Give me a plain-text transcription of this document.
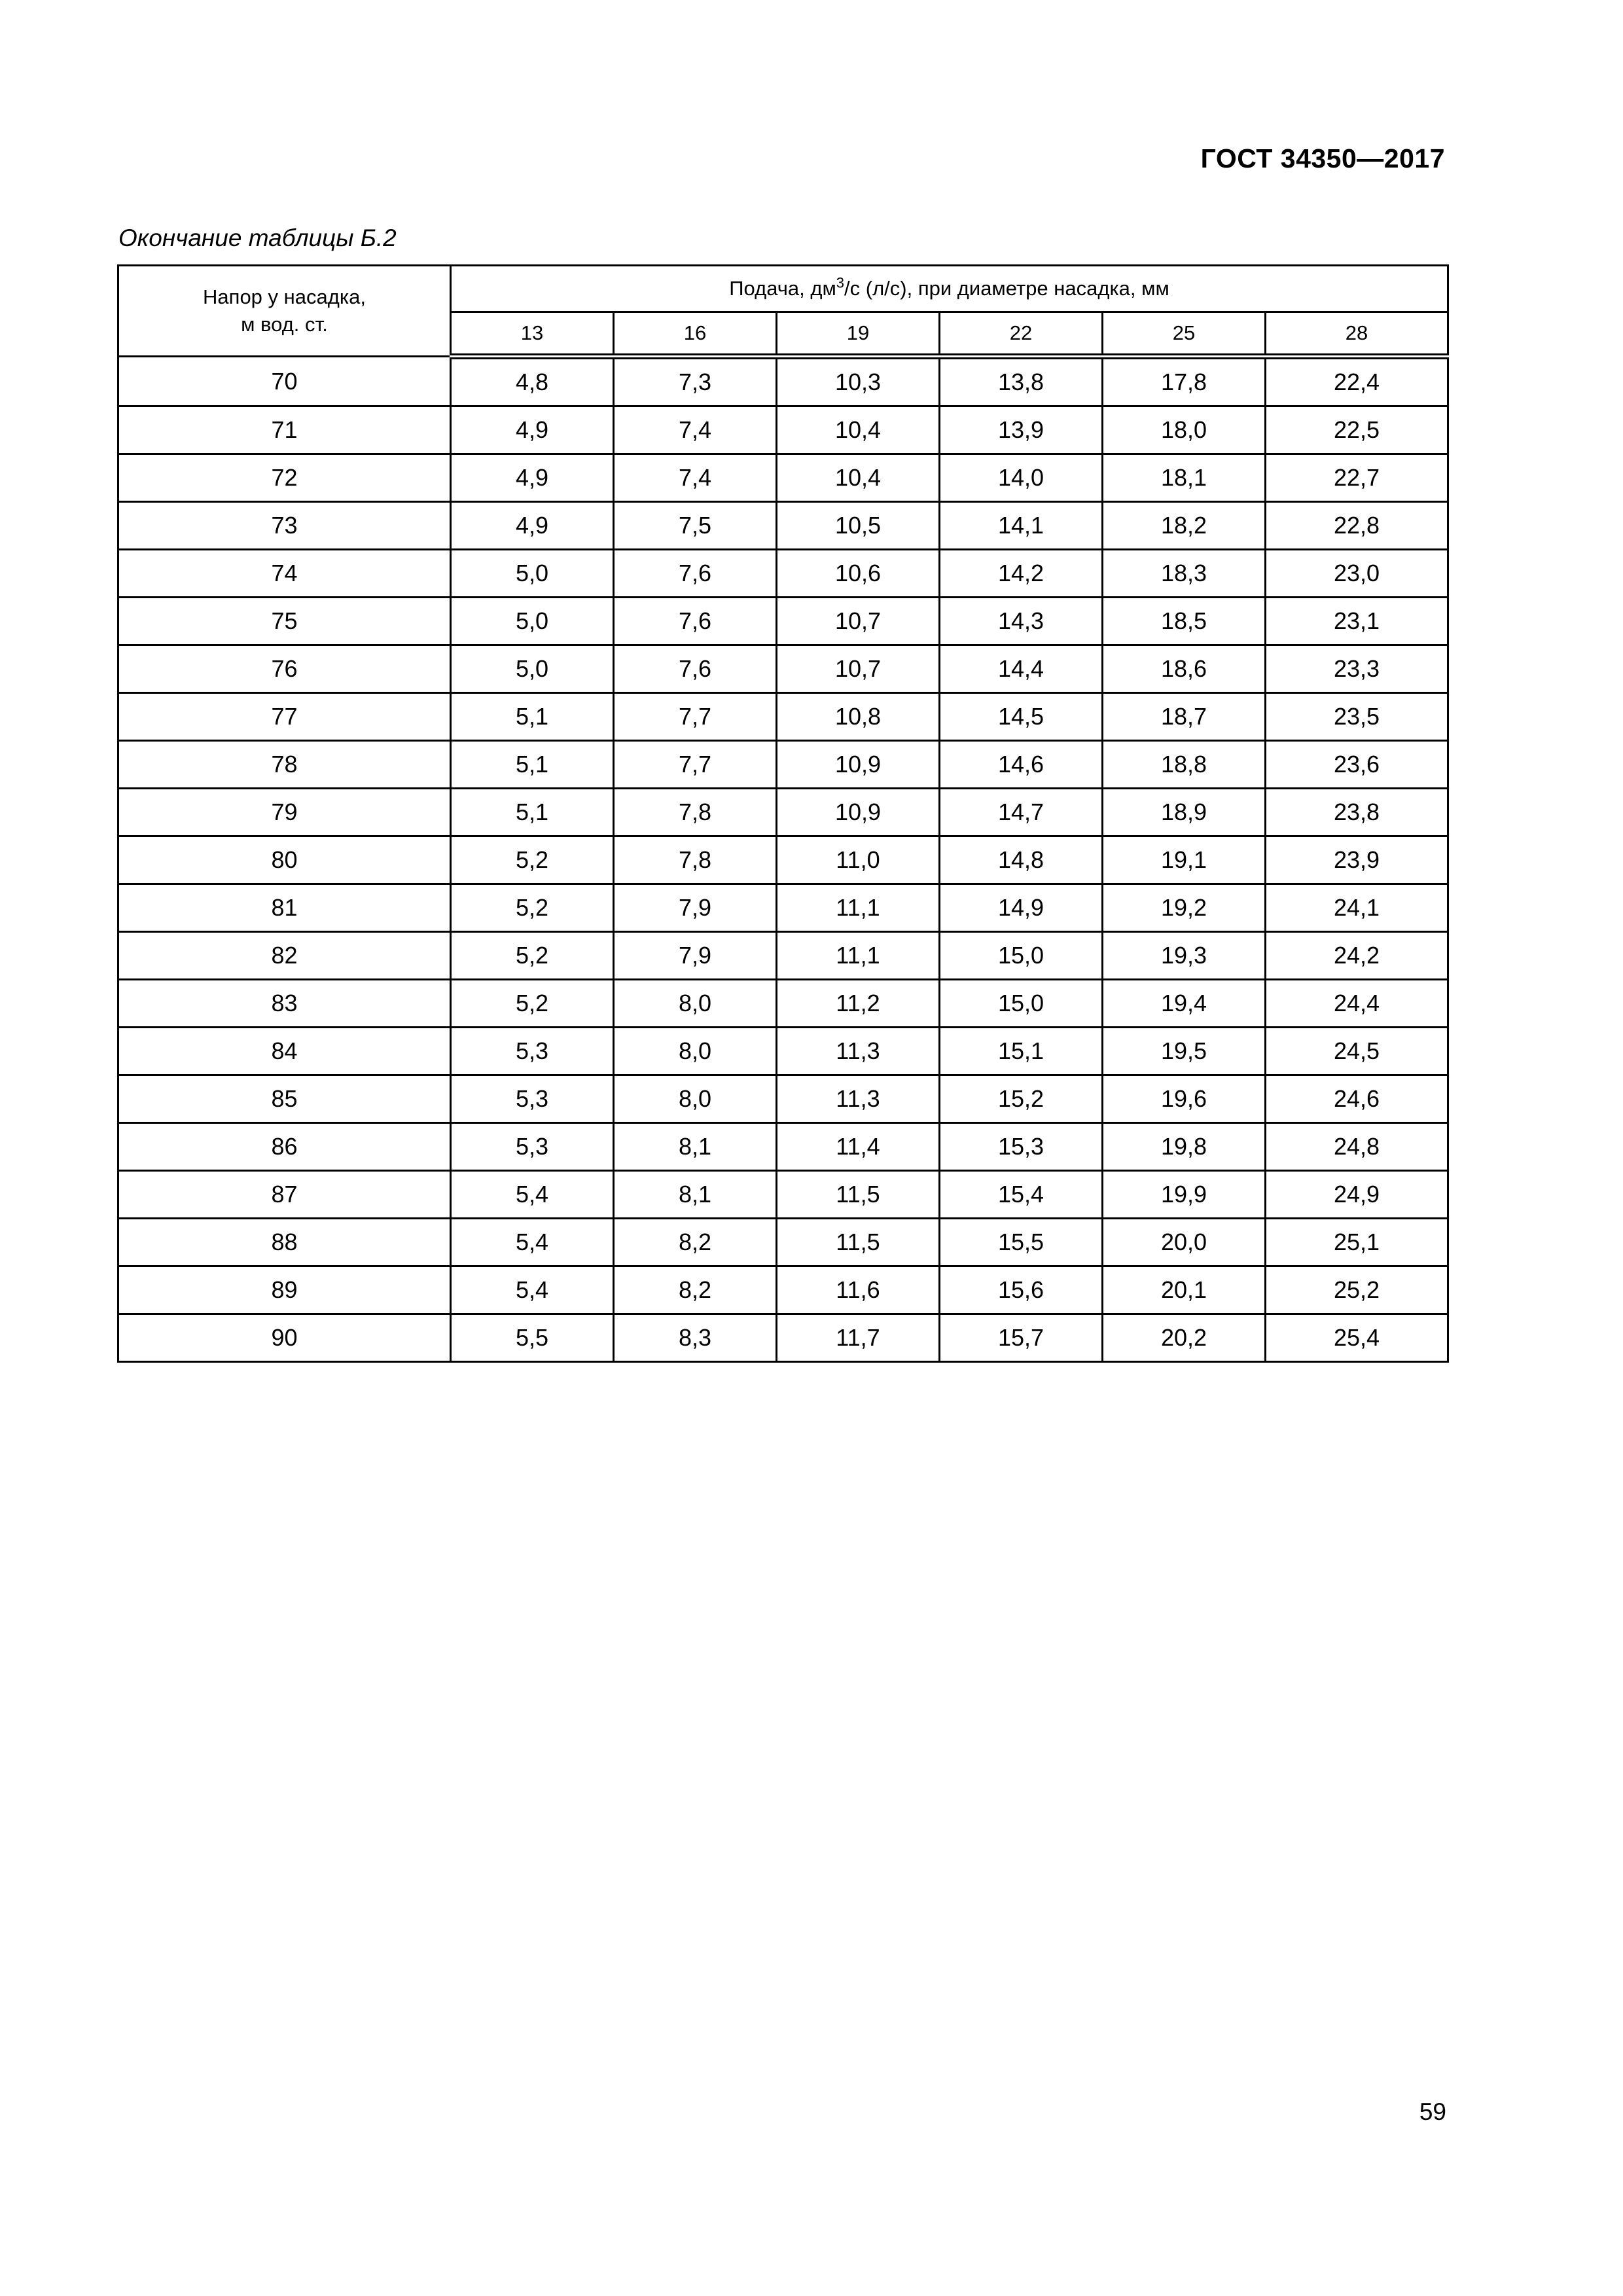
ГОСТ 34350—2017
Окончание таблицы Б.2
Напор у насадка,
м вод. ст.	Подача, $дм^3/с$ (л/с), при диаметре насадка, мм					
	13	16	19	22	25	28
70	4,8	7,3	10,3	13,8	17,8	22,4
71	4,9	7,4	10,4	13,9	18,0	22,5
72	4,9	7,4	10,4	14,0	18,1	22,7
73	4,9	7,5	10,5	14,1	18,2	22,8
74	5,0	7,6	10,6	14,2	18,3	23,0
75	5,0	7,6	10,7	14,3	18,5	23,1
76	5,0	7,6	10,7	14,4	18,6	23,3
77	5,1	7,7	10,8	14,5	18,7	23,5
78	5,1	7,7	10,9	14,6	18,8	23,6
79	5,1	7,8	10,9	14,7	18,9	23,8
80	5,2	7,8	11,0	14,8	19,1	23,9
81	5,2	7,9	11,1	14,9	19,2	24,1
82	5,2	7,9	11,1	15,0	19,3	24,2
83	5,2	8,0	11,2	15,0	19,4	24,4
84	5,3	8,0	11,3	15,1	19,5	24,5
85	5,3	8,0	11,3	15,2	19,6	24,6
86	5,3	8,1	11,4	15,3	19,8	24,8
87	5,4	8,1	11,5	15,4	19,9	24,9
88	5,4	8,2	11,5	15,5	20,0	25,1
89	5,4	8,2	11,6	15,6	20,1	25,2
90	5,5	8,3	11,7	15,7	20,2	25,4
59
